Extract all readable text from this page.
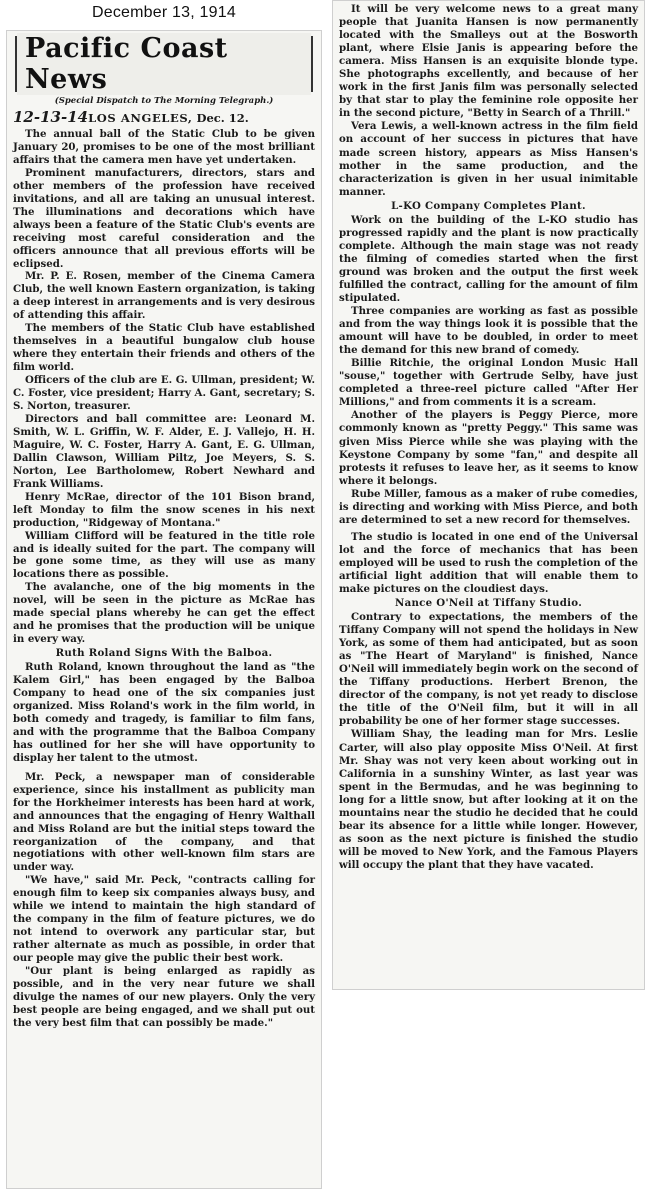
December 13, 1914
Pacific Coast News
(Special Dispatch to The Morning Telegraph.)
12-13-14LOS ANGELES, Dec. 12.

The annual ball of the Static Club to be given January 20, promises to be one of the most brilliant affairs that the camera men have yet undertaken.

Prominent manufacturers, directors, stars and other members of the profession have received invitations, and all are taking an unusual interest. The illuminations and decorations which have always been a feature of the Static Club's events are receiving most careful consideration and the officers announce that all previous efforts will be eclipsed.

Mr. P. E. Rosen, member of the Cinema Camera Club, the well known Eastern organization, is taking a deep interest in arrangements and is very desirous of attending this affair.

The members of the Static Club have established themselves in a beautiful bungalow club house where they entertain their friends and others of the film world.

Officers of the club are E. G. Ullman, president; W. C. Foster, vice president; Harry A. Gant, secretary; S. S. Norton, treasurer.

Directors and ball committee are: Leonard M. Smith, W. L. Griffin, W. F. Alder, E. J. Vallejo, H. H. Maguire, W. C. Foster, Harry A. Gant, E. G. Ullman, Dallin Clawson, William Piltz, Joe Meyers, S. S. Norton, Lee Bartholomew, Robert Newhard and Frank Williams.

Henry McRae, director of the 101 Bison brand, left Monday to film the snow scenes in his next production, "Ridgeway of Montana."

William Clifford will be featured in the title role and is ideally suited for the part. The company will be gone some time, as they will use as many locations there as possible.

The avalanche, one of the big moments in the novel, will be seen in the picture as McRae has made special plans whereby he can get the effect and he promises that the production will be unique in every way.

Ruth Roland Signs With the Balboa.

Ruth Roland, known throughout the land as "the Kalem Girl," has been engaged by the Balboa Company to head one of the six companies just organized. Miss Roland's work in the film world, in both comedy and tragedy, is familiar to film fans, and with the programme that the Balboa Company has outlined for her she will have opportunity to display her talent to the utmost.

Mr. Peck, a newspaper man of considerable experience, since his installment as publicity man for the Horkheimer interests has been hard at work, and announces that the engaging of Henry Walthall and Miss Roland are but the initial steps toward the reorganization of the company, and that negotiations with other well-known film stars are under way.

"We have," said Mr. Peck, "contracts calling for enough film to keep six companies always busy, and while we intend to maintain the high standard of the company in the film of feature pictures, we do not intend to overwork any particular star, but rather alternate as much as possible, in order that our people may give the public their best work.

"Our plant is being enlarged as rapidly as possible, and in the very near future we shall divulge the names of our new players. Only the very best people are being engaged, and we shall put out the very best film that can possibly be made."

It will be very welcome news to a great many people that Juanita Hansen is now permanently located with the Smalleys out at the Bosworth plant, where Elsie Janis is appearing before the camera. Miss Hansen is an exquisite blonde type. She photographs excellently, and because of her work in the first Janis film was personally selected by that star to play the feminine role opposite her in the second picture, "Betty in Search of a Thrill."

Vera Lewis, a well-known actress in the film field on account of her success in pictures that have made screen history, appears as Miss Hansen's mother in the same production, and the characterization is given in her usual inimitable manner.

L-KO Company Completes Plant.

Work on the building of the L-KO studio has progressed rapidly and the plant is now practically complete. Although the main stage was not ready the filming of comedies started when the first ground was broken and the output the first week fulfilled the contract, calling for the amount of film stipulated.

Three companies are working as fast as possible and from the way things look it is possible that the amount will have to be doubled, in order to meet the demand for this new brand of comedy.

Billie Ritchie, the original London Music Hall "souse," together with Gertrude Selby, have just completed a three-reel picture called "After Her Millions," and from comments it is a scream.

Another of the players is Peggy Pierce, more commonly known as "pretty Peggy." This same was given Miss Pierce while she was playing with the Keystone Company by some "fan," and despite all protests it refuses to leave her, as it seems to know where it belongs.

Rube Miller, famous as a maker of rube comedies, is directing and working with Miss Pierce, and both are determined to set a new record for themselves.

The studio is located in one end of the Universal lot and the force of mechanics that has been employed will be used to rush the completion of the artificial light addition that will enable them to make pictures on the cloudiest days.

Nance O'Neil at Tiffany Studio.

Contrary to expectations, the members of the Tiffany Company will not spend the holidays in New York, as some of them had anticipated, but as soon as "The Heart of Maryland" is finished, Nance O'Neil will immediately begin work on the second of the Tiffany productions. Herbert Brenon, the director of the company, is not yet ready to disclose the title of the O'Neil film, but it will in all probability be one of her former stage successes.

William Shay, the leading man for Mrs. Leslie Carter, will also play opposite Miss O'Neil. At first Mr. Shay was not very keen about working out in California in a sunshiny Winter, as last year was spent in the Bermudas, and he was beginning to long for a little snow, but after looking at it on the mountains near the studio he decided that he could bear its absence for a little while longer. However, as soon as the next picture is finished the studio will be moved to New York, and the Famous Players will occupy the plant that they have vacated.
